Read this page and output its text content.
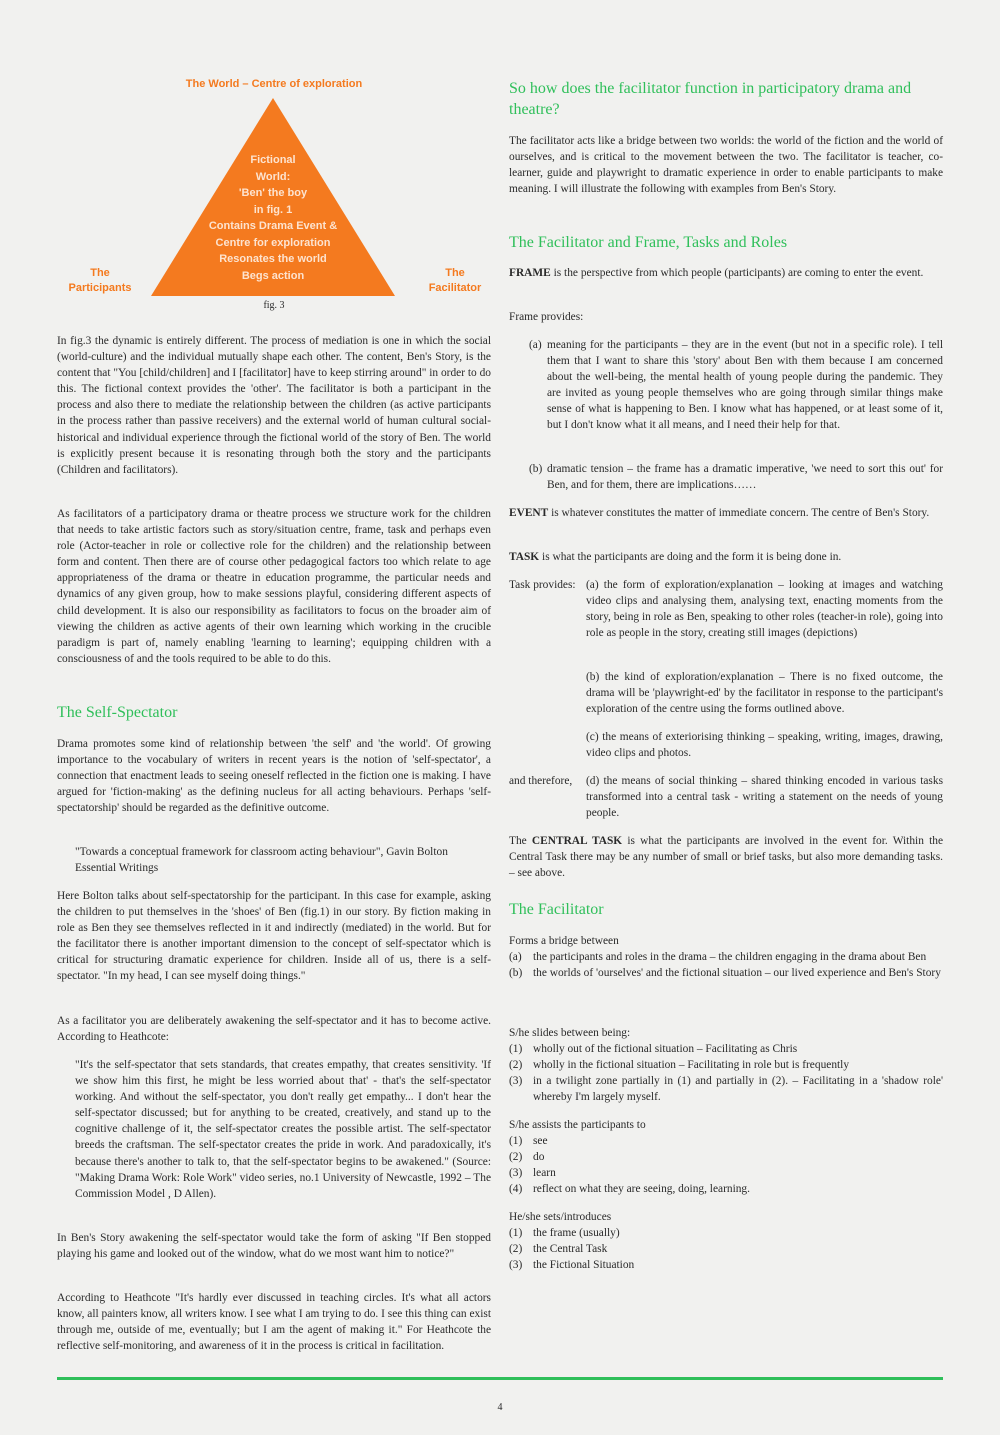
The World – Centre of exploration
Fictional
World:
'Ben' the boy
in fig. 1
Contains Drama Event &
Centre for exploration
Resonates the world
Begs action
The
Participants
The
Facilitator
fig. 3

In fig.3 the dynamic is entirely different. The process of mediation is one in which the social (world-culture) and the individual mutually shape each other. The content, Ben's Story, is the content that "You [child/children] and I [facilitator] have to keep stirring around" in order to do this. The fictional context provides the 'other'. The facilitator is both a participant in the process and also there to mediate the relationship between the children (as active participants in the process rather than passive receivers) and the external world of human cultural social-historical and individual experience through the fictional world of the story of Ben. The world is explicitly present because it is resonating through both the story and the participants (Children and facilitators).

As facilitators of a participatory drama or theatre process we structure work for the children that needs to take artistic factors such as story/situation centre, frame, task and perhaps even role (Actor-teacher in role or collective role for the children) and the relationship between form and content. Then there are of course other pedagogical factors too which relate to age appropriateness of the drama or theatre in education programme, the particular needs and dynamics of any given group, how to make sessions playful, considering different aspects of child development. It is also our responsibility as facilitators to focus on the broader aim of viewing the children as active agents of their own learning which working in the crucible paradigm is part of, namely enabling 'learning to learning'; equipping children with a consciousness of and the tools required to be able to do this.

The Self-Spectator

Drama promotes some kind of relationship between 'the self' and 'the world'. Of growing importance to the vocabulary of writers in recent years is the notion of 'self-spectator', a connection that enactment leads to seeing oneself reflected in the fiction one is making. I have argued for 'fiction-making' as the defining nucleus for all acting behaviours. Perhaps 'self-spectatorship' should be regarded as the definitive outcome.

"Towards a conceptual framework for classroom acting behaviour", Gavin Bolton Essential Writings

Here Bolton talks about self-spectatorship for the participant. In this case for example, asking the children to put themselves in the 'shoes' of Ben (fig.1) in our story. By fiction making in role as Ben they see themselves reflected in it and indirectly (mediated) in the world. But for the facilitator there is another important dimension to the concept of self-spectator which is critical for structuring dramatic experience for children. Inside all of us, there is a self-spectator. "In my head, I can see myself doing things."

As a facilitator you are deliberately awakening the self-spectator and it has to become active. According to Heathcote:

"It's the self-spectator that sets standards, that creates empathy, that creates sensitivity. 'If we show him this first, he might be less worried about that' - that's the self-spectator working. And without the self-spectator, you don't really get empathy... I don't hear the self-spectator discussed; but for anything to be created, creatively, and stand up to the cognitive challenge of it, the self-spectator creates the possible artist. The self-spectator breeds the craftsman. The self-spectator creates the pride in work. And paradoxically, it's because there's another to talk to, that the self-spectator begins to be awakened." (Source: "Making Drama Work: Role Work" video series, no.1 University of Newcastle, 1992 – The Commission Model , D Allen).

In Ben's Story awakening the self-spectator would take the form of asking "If Ben stopped playing his game and looked out of the window, what do we most want him to notice?"

According to Heathcote "It's hardly ever discussed in teaching circles. It's what all actors know, all painters know, all writers know. I see what I am trying to do. I see this thing can exist through me, outside of me, eventually; but I am the agent of making it." For Heathcote the reflective self-monitoring, and awareness of it in the process is critical in facilitation.

So how does the facilitator function in participatory drama and theatre?

The facilitator acts like a bridge between two worlds: the world of the fiction and the world of ourselves, and is critical to the movement between the two. The facilitator is teacher, co-learner, guide and playwright to dramatic experience in order to enable participants to make meaning. I will illustrate the following with examples from Ben's Story.

The Facilitator and Frame, Tasks and Roles

FRAME is the perspective from which people (participants) are coming to enter the event.

Frame provides:

(a) meaning for the participants – they are in the event (but not in a specific role). I tell them that I want to share this 'story' about Ben with them because I am concerned about the well-being, the mental health of young people during the pandemic. They are invited as young people themselves who are going through similar things make sense of what is happening to Ben. I know what has happened, or at least some of it, but I don't know what it all means, and I need their help for that.

(b) dramatic tension – the frame has a dramatic imperative, 'we need to sort this out' for Ben, and for them, there are implications……

EVENT is whatever constitutes the matter of immediate concern. The centre of Ben's Story.

TASK is what the participants are doing and the form it is being done in.

Task provides: (a) the form of exploration/explanation – looking at images and watching video clips and analysing them, analysing text, enacting moments from the story, being in role as Ben, speaking to other roles (teacher-in role), going into role as people in the story, creating still images (depictions)

(b) the kind of exploration/explanation – There is no fixed outcome, the drama will be 'playwright-ed' by the facilitator in response to the participant's exploration of the centre using the forms outlined above.

(c) the means of exteriorising thinking – speaking, writing, images, drawing, video clips and photos.

and therefore, (d) the means of social thinking – shared thinking encoded in various tasks transformed into a central task - writing a statement on the needs of young people.

The CENTRAL TASK is what the participants are involved in the event for. Within the Central Task there may be any number of small or brief tasks, but also more demanding tasks. – see above.

The Facilitator

Forms a bridge between

(a) the participants and roles in the drama – the children engaging in the drama about Ben
(b) the worlds of 'ourselves' and the fictional situation – our lived experience and Ben's Story

S/he slides between being:

(1) wholly out of the fictional situation – Facilitating as Chris
(2) wholly in the fictional situation – Facilitating in role but is frequently
(3) in a twilight zone partially in (1) and partially in (2). – Facilitating in a 'shadow role' whereby I'm largely myself.

S/he assists the participants to

(1) see
(2) do
(3) learn
(4) reflect on what they are seeing, doing, learning.

He/she sets/introduces

(1) the frame (usually)
(2) the Central Task
(3) the Fictional Situation
4
